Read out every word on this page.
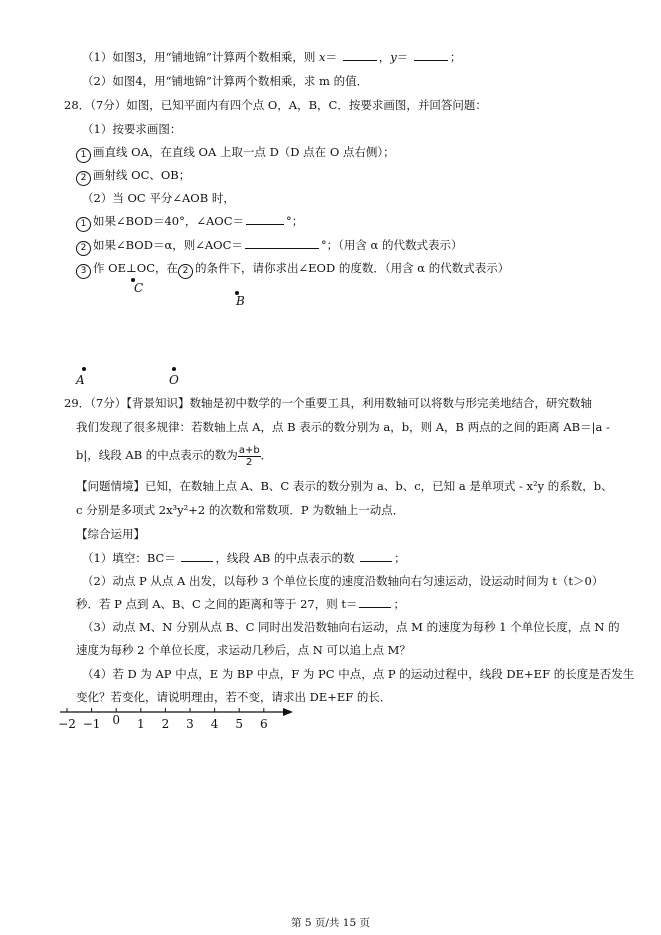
（1）如图3，用“铺地锦”计算两个数相乘，则 x＝	，y＝	；
（2）如图4，用“铺地锦”计算两个数相乘，求 m 的值．
28．（7分）如图，已知平面内有四个点 O，A，B，C．按要求画图，并回答问题：
（1）按要求画图：
1 画直线 OA，在直线 OA 上取一点 D（D 点在 O 点右侧）；
2 画射线 OC、OB；
（2）当 OC 平分∠AOB 时，
1 如果∠BOD＝40°，∠AOC＝	°；
2 如果∠BOD＝α，则∠AOC＝	°；（用含 α 的代数式表示）
3 作 OE⊥OC，在 2 的条件下，请你求出∠EOD 的度数．（用含 α 的代数式表示）
C
B
A	O
29．（7分）【背景知识】数轴是初中数学的一个重要工具，利用数轴可以将数与形完美地结合，研究数轴
我们发现了很多规律：若数轴上点 A，点 B 表示的数分别为 a，b，则 A，B 两点的之间的距离 AB＝|a -
b|，线段 AB 的中点表示的数为 $\frac{a+b}{2}$ ．
【问题情境】已知，在数轴上点 A、B、C 表示的数分别为 a、b、c，已知 a 是单项式 - x²y 的系数，b、
c 分别是多项式 2x³y²+2 的次数和常数项．P 为数轴上一动点．
【综合运用】
（1）填空：BC＝	，线段 AB 的中点表示的数	；
（2）动点 P 从点 A 出发，以每秒 3 个单位长度的速度沿数轴向右匀速运动，设运动时间为 t（t＞0）
秒．若 P 点到 A、B、C 之间的距离和等于 27，则 t＝	；
（3）动点 M、N 分别从点 B、C 同时出发沿数轴向右运动，点 M 的速度为每秒 1 个单位长度，点 N 的
速度为每秒 2 个单位长度，求运动几秒后，点 N 可以追上点 M？
（4）若 D 为 AP 中点，E 为 BP 中点，F 为 PC 中点，点 P 的运动过程中，线段 DE+EF 的长度是否发生
变化？若变化，请说明理由，若不变，请求出 DE+EF 的长．
−2 −1 0 1 2 3 4 5 6
第 5 页/共 15 页
